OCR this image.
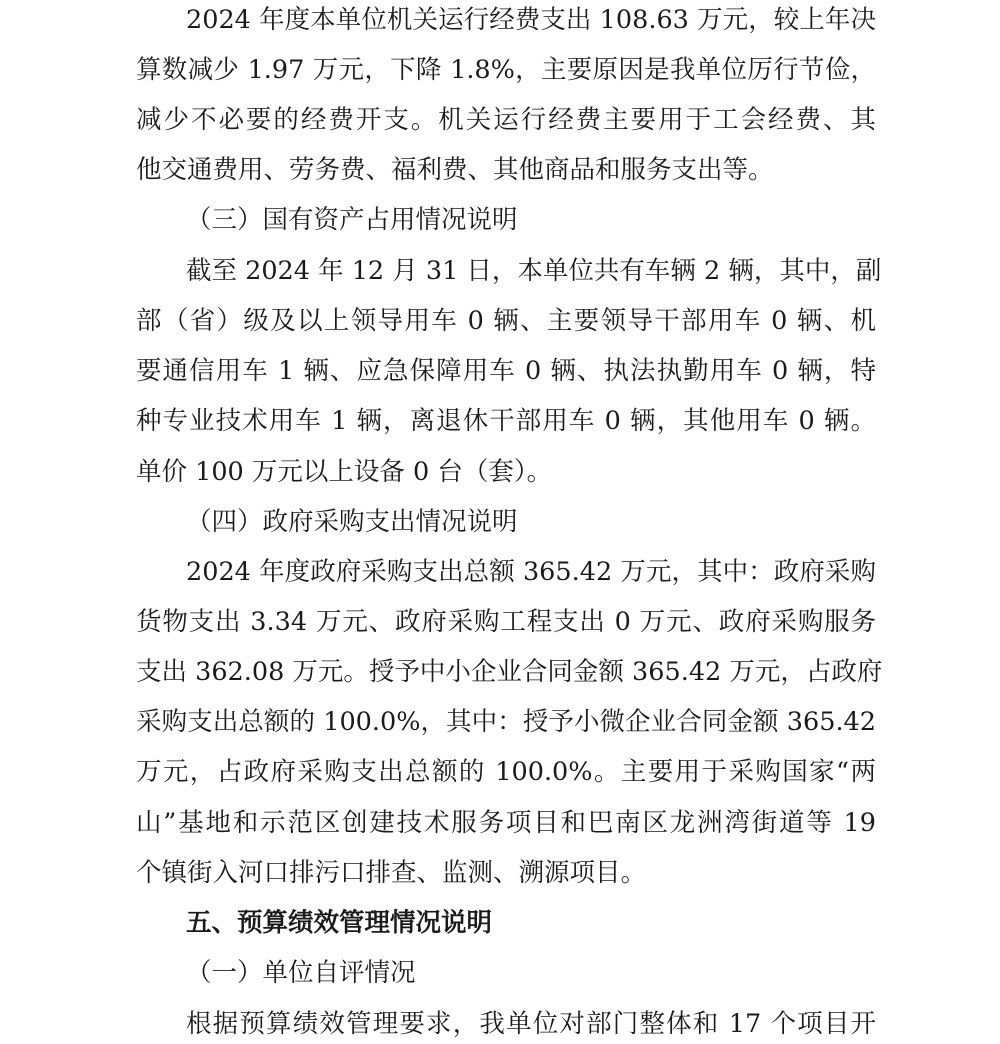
2024 年度本单位机关运行经费支出 108.63 万元，较上年决

算数减少 1.97 万元，下降 1.8%，主要原因是我单位厉行节俭，

减少不必要的经费开支。机关运行经费主要用于工会经费、其

他交通费用、劳务费、福利费、其他商品和服务支出等。

（三）国有资产占用情况说明

截至 2024 年 12 月 31 日，本单位共有车辆 2 辆，其中，副

部（省）级及以上领导用车 0 辆、主要领导干部用车 0 辆、机

要通信用车 1 辆、应急保障用车 0 辆、执法执勤用车 0 辆，特

种专业技术用车 1 辆，离退休干部用车 0 辆，其他用车 0 辆。

单价 100 万元以上设备 0 台（套）。

（四）政府采购支出情况说明

2024 年度政府采购支出总额 365.42 万元，其中：政府采购

货物支出 3.34 万元、政府采购工程支出 0 万元、政府采购服务

支出 362.08 万元。授予中小企业合同金额 365.42 万元，占政府

采购支出总额的 100.0%，其中：授予小微企业合同金额 365.42

万元，占政府采购支出总额的 100.0%。主要用于采购国家“两

山”基地和示范区创建技术服务项目和巴南区龙洲湾街道等 19

个镇街入河口排污口排查、监测、溯源项目。

五、预算绩效管理情况说明

（一）单位自评情况

根据预算绩效管理要求，我单位对部门整体和 17 个项目开
